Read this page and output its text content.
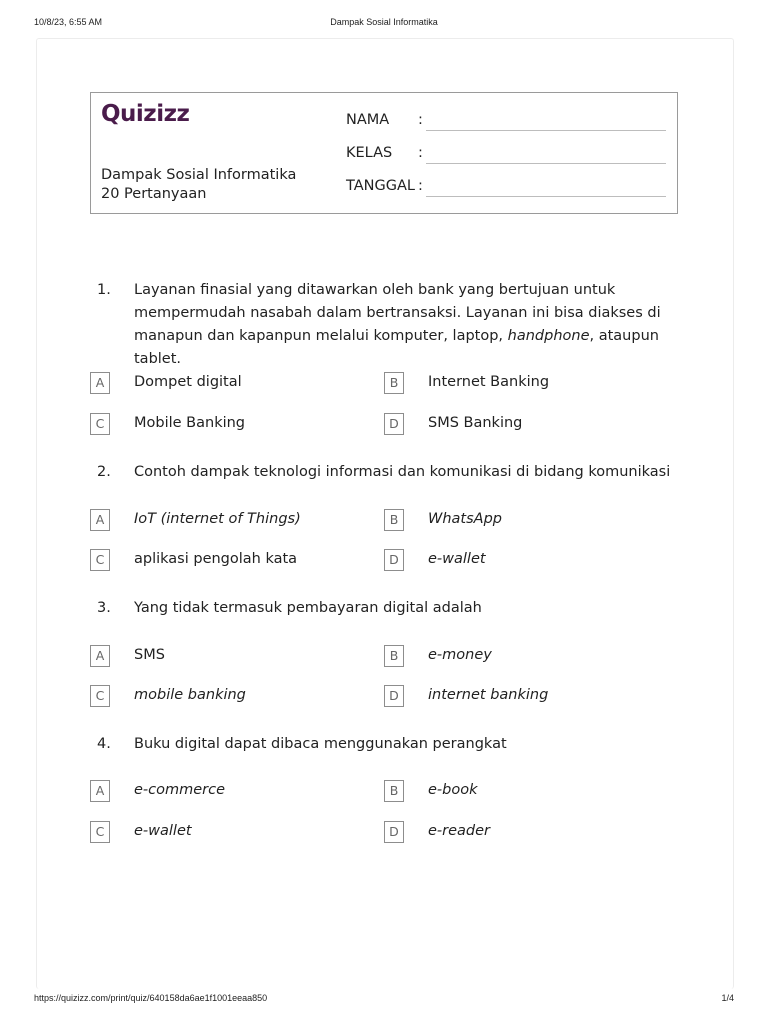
10/8/23, 6:55 AM	Dampak Sosial Informatika
Quizizz
Dampak Sosial Informatika
20 Pertanyaan
NAMA :
KELAS :
TANGGAL :
1. Layanan finasial yang ditawarkan oleh bank yang bertujuan untuk
mempermudah nasabah dalam bertransaksi. Layanan ini bisa diakses di
manapun dan kapanpun melalui komputer, laptop, handphone, ataupun tablet.
A	Dompet digital	B	Internet Banking
C	Mobile Banking	D	SMS Banking
2. Contoh dampak teknologi informasi dan komunikasi di bidang komunikasi
A	IoT (internet of Things)	B	WhatsApp
C	aplikasi pengolah kata	D	e-wallet
3. Yang tidak termasuk pembayaran digital adalah
A	SMS	B	e-money
C	mobile banking	D	internet banking
4. Buku digital dapat dibaca menggunakan perangkat
A	e-commerce	B	e-book
C	e-wallet	D	e-reader
https://quizizz.com/print/quiz/640158da6ae1f1001eeaa850	1/4
